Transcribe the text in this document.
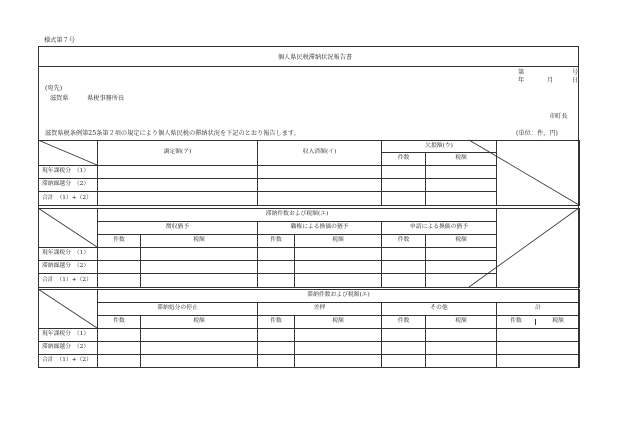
様式第７号
個人県民税滞納状況報告書
第	号
年	月	日
(宛先)
滋賀県　　　県税事務所長
市町長
滋賀県税条例第25条第２項の規定により個人県民税の滞納状況を下記のとおり報告します。	(単位：件，円)
	調定額(ア)	収入済額(イ)	欠損額(ウ)		
			件数	税額	
現年課税分　（1）					
滞納繰越分　（2）					
合計　（1）+（2）					
	滞納件数および税額(エ)						
	徴収猶予		職権による換価の猶予		申請による換価の猶予		
	件数	税額	件数	税額	件数	税額	
現年課税分　（1）							
滞納繰越分　（2）							
合計　（1）+（2）							
	滞納件数および税額(エ)						
	滞納処分の停止		差押		その他		計
	件数	税額	件数	税額	件数	税額	件数 税額
現年課税分　（1）							
滞納繰越分　（2）							
合計　（1）+（2）							
